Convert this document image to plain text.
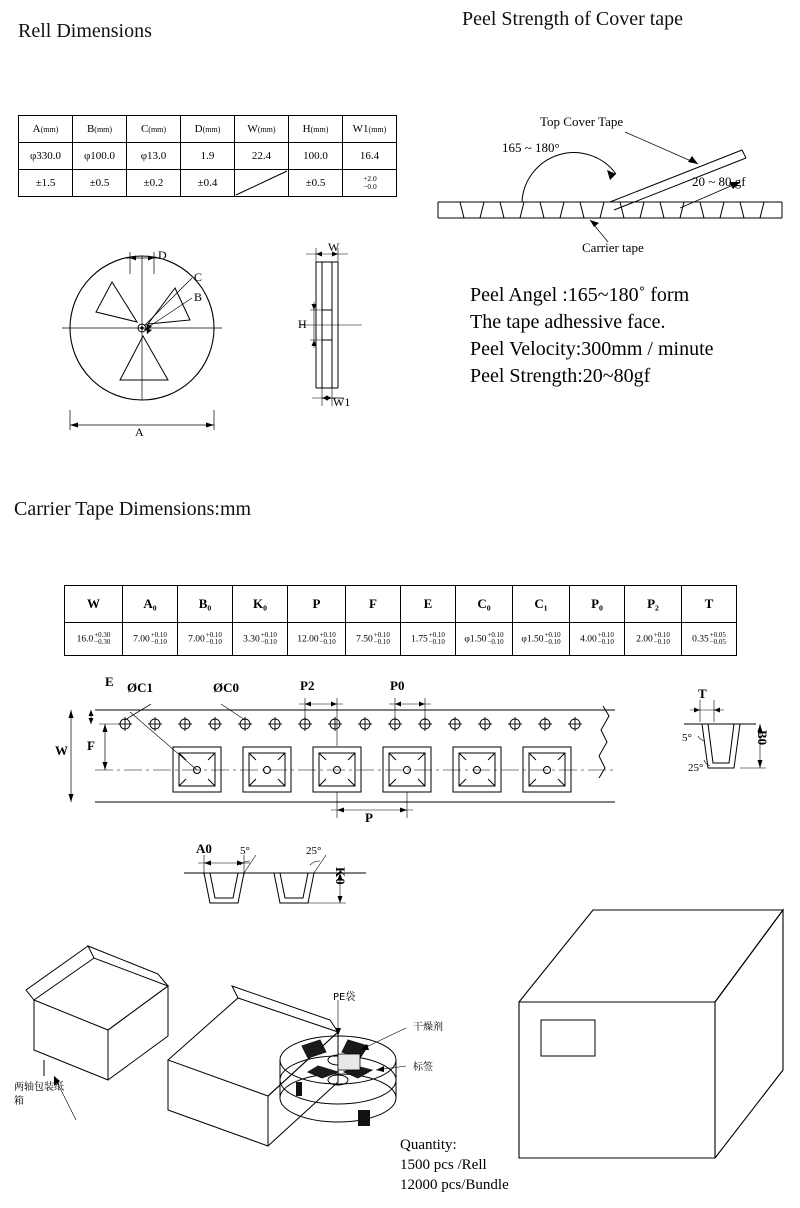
Rell Dimensions
Peel Strength of Cover tape
A(mm)	B(mm)	C(mm)	D(mm)	W(mm)	H(mm)	W1(mm)
φ330.0	φ100.0	φ13.0	1.9	22.4	100.0	16.4
±1.5	±0.5	±0.2	±0.4		±0.5	+2.0
−0.0
D
C
B
A
W
H
W1
Top Cover Tape
165 ~ 180°
20 ~ 80 gf
Carrier tape
Peel Angel :165~180˚ form
The tape adhessive face.
Peel Velocity:300mm / minute
Peel Strength:20~80gf
Carrier Tape Dimensions:mm
W	A₀	B₀	K₀	P	F	E	C₀	C₁	P₀	P₂	T
16.0+0.30
−0.30	7.00+0.10
−0.10	7.00+0.10
−0.10	3.30+0.10
−0.10	12.00+0.10
−0.10	7.50+0.10
−0.10	1.75+0.10
−0.10	φ1.50+0.10
−0.10	φ1.50+0.10
−0.10	4.00+0.10
−0.10	2.00+0.10
−0.10	0.35+0.05
−0.05
W F
E ØC1	ØC0	P2	P0
P
A0	5°	25°
K0
T
B0
5°
25°
PE袋
干燥剂
标签
两轴包装纸
箱
Quantity:
1500 pcs /Rell
12000 pcs/Bundle
